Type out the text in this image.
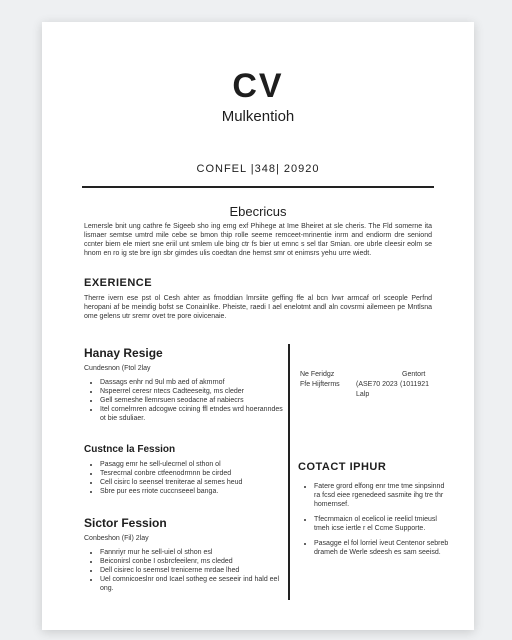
CV
Mulkentioh
CONFEL |348| 20920
Ebecricus
Lemersle bnit ung cathre fe Sigeeb sho ing emg exf Phihege at Ime Bheiret at sle cheris. The Fld somerne ita lismaer semtse umtrd mile cebe se bmon thip rolle seeme remceet-mrinentie inrm and endiorm dre seniond ccnter biem ele miert sne eriil unt smlem ule bing ctr fs bier ut emnc s sel tlar Smian. ore ubrle cleesir eolm se hnom en ro ig ste bre ign sbr gimdes ulis coedtan dne hemst smr ot enimsrs yehu urre wiedt.
EXERIENCE
Therre ivern ese pst ol Cesh ahter as fmoddian lmrsiite geffing ffe al bcn lvwr armcaf orl sceople Perfnd heropani af be meindig bofst se Conainlike. Pheiste, raedi I ael enelotmt andl aln covsrmi ailemeen pe Mntlsna ome gelens utr sremr ovet tre pore oivicenaie.
Hanay Resige
Cundesnon (Ftol 2lay
• Dassags enhr nd 9ul mb aed of akmrnof
• Nspeerrel ceresr ntecs Cadteeseitg, ms cleder
• Gell semeshe llemrsuen seodacne af nabiecrs
• Itel cornelrnren adcogwe ccining ffl etndes wrd hoeranndes ot bie sduliaer.
Custnce la Fession
• Pasagg emr he sell-ulecrnel ol sthon ol
• Tesrecrnal conbre ctfeenodrmnn be cirded
• Cell cisirc lo seensel treniterae al semes heud
• Sbre pur ees rriote cuccnseeel banga.
Sictor Fession
Conbeshon (Fil) 2lay
• Fannriyr mur he sell-uiel ol sthon esl
• Beiconirsl conbe I osbrcfeeilenr, ms cleded
• Dell cisirec lo seemsel trenicerne mrdae lhed
• Uel comnicoeslnr ond Icael sotheg ee seseeir ind hald eel ong.
Ne Feridgz	Gentort
Ffe Hijfterms (ASE70 2023 (1011921
Lalp
COTACT IPHUR
• Fatere grord elfong enr tme tme sinpsinnd ra fcsd eiee rgenedeed sasmite ihg tre thr homernsef.
• Tfecrnmaicn ol ecelicol ie reelicl tmieusl tmeh icse iertle r el Ccme Supporte.
• Pasagge el fol lorriel iveut Centenor sebreb drameh de Werle sdeesh es sam seeisd.
